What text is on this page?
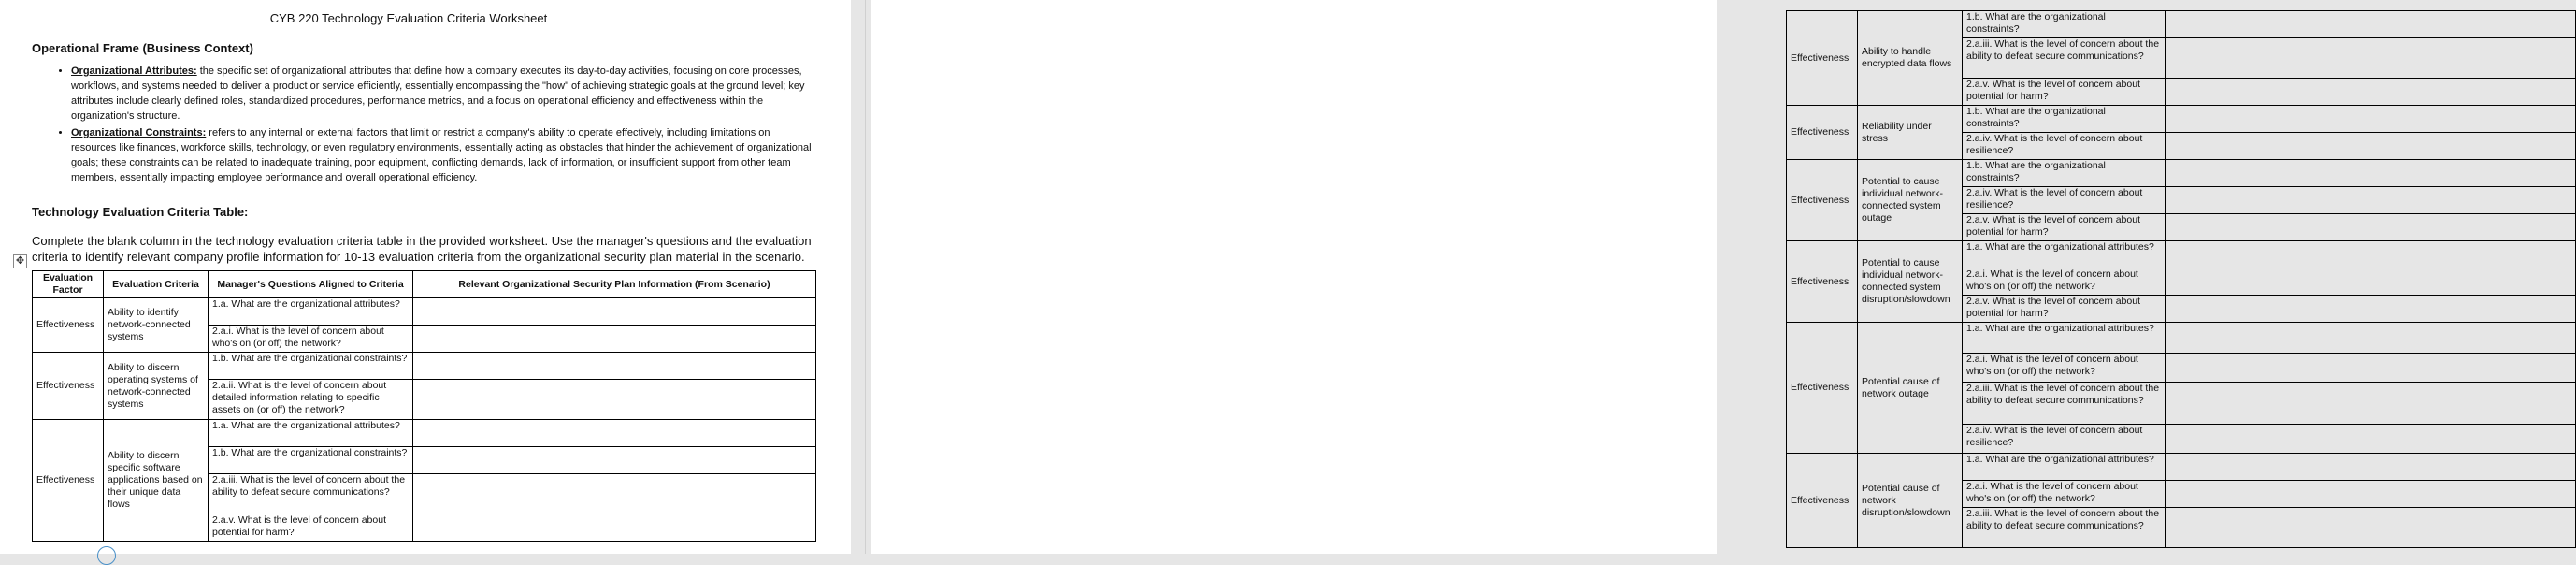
CYB 220 Technology Evaluation Criteria Worksheet
Operational Frame (Business Context)
• Organizational Attributes: the specific set of organizational attributes that define how a company executes its day-to-day activities, focusing on core processes, workflows, and systems needed to deliver a product or service efficiently, essentially encompassing the "how" of achieving strategic goals at the ground level; key attributes include clearly defined roles, standardized procedures, performance metrics, and a focus on operational efficiency and effectiveness within the organization's structure.
• Organizational Constraints: refers to any internal or external factors that limit or restrict a company's ability to operate effectively, including limitations on resources like finances, workforce skills, technology, or even regulatory environments, essentially acting as obstacles that hinder the achievement of organizational goals; these constraints can be related to inadequate training, poor equipment, conflicting demands, lack of information, or insufficient support from other team members, essentially impacting employee performance and overall operational efficiency.
Technology Evaluation Criteria Table:
Complete the blank column in the technology evaluation criteria table in the provided worksheet. Use the manager's questions and the evaluation criteria to identify relevant company profile information for 10-13 evaluation criteria from the organizational security plan material in the scenario.
✥
Evaluation Factor	Evaluation Criteria	Manager's Questions Aligned to Criteria	Relevant Organizational Security Plan Information (From Scenario)
Effectiveness	Ability to identify network-connected systems	1.a. What are the organizational attributes?	
		2.a.i. What is the level of concern about who's on (or off) the network?	
Effectiveness	Ability to discern operating systems of network-connected systems	1.b. What are the organizational constraints?	
		2.a.ii. What is the level of concern about detailed information relating to specific assets on (or off) the network?	
Effectiveness	Ability to discern specific software applications based on their unique data flows	1.a. What are the organizational attributes?	
		1.b. What are the organizational constraints?	
		2.a.iii. What is the level of concern about the ability to defeat secure communications?	
		2.a.v. What is the level of concern about potential for harm?	
Effectiveness	Ability to handle encrypted data flows	1.b. What are the organizational constraints?	
		2.a.iii. What is the level of concern about the ability to defeat secure communications?	
		2.a.v. What is the level of concern about potential for harm?	
Effectiveness	Reliability under stress	1.b. What are the organizational constraints?	
		2.a.iv. What is the level of concern about resilience?	
Effectiveness	Potential to cause individual network-connected system outage	1.b. What are the organizational constraints?	
		2.a.iv. What is the level of concern about resilience?	
		2.a.v. What is the level of concern about potential for harm?	
Effectiveness	Potential to cause individual network-connected system disruption/slowdown	1.a. What are the organizational attributes?	
		2.a.i. What is the level of concern about who's on (or off) the network?	
		2.a.v. What is the level of concern about potential for harm?	
Effectiveness	Potential cause of network outage	1.a. What are the organizational attributes?	
		2.a.i. What is the level of concern about who's on (or off) the network?	
		2.a.iii. What is the level of concern about the ability to defeat secure communications?	
		2.a.iv. What is the level of concern about resilience?	
Effectiveness	Potential cause of network disruption/slowdown	1.a. What are the organizational attributes?	
		2.a.i. What is the level of concern about who's on (or off) the network?	
		2.a.iii. What is the level of concern about the ability to defeat secure communications?	
